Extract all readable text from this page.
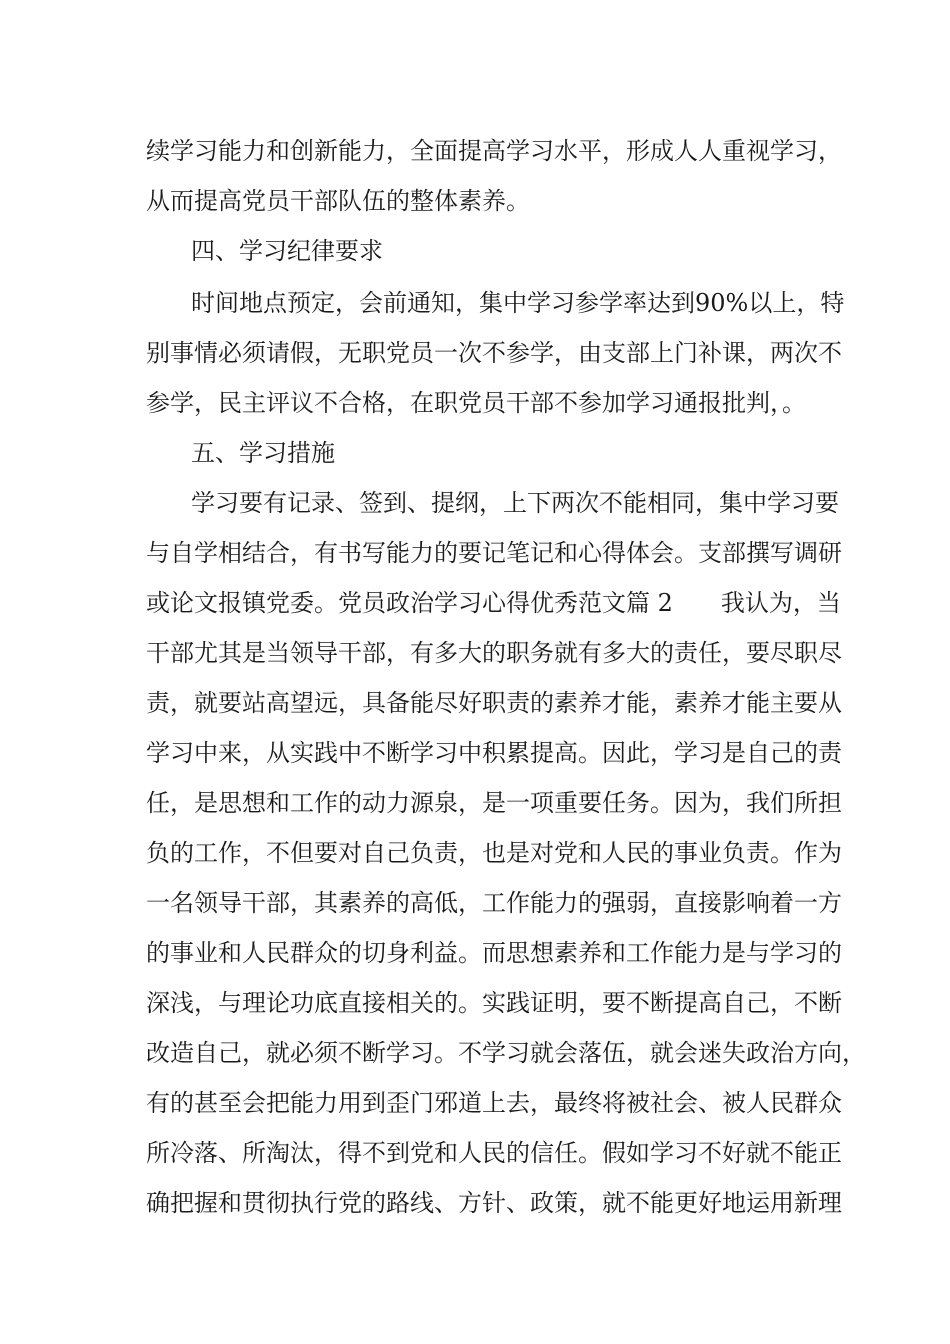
续学习能力和创新能力，全面提高学习水平，形成人人重视学习，
从而提高党员干部队伍的整体素养。
四、学习纪律要求
时间地点预定，会前通知，集中学习参学率达到90%以上，特
别事情必须请假，无职党员一次不参学，由支部上门补课，两次不
参学，民主评议不合格，在职党员干部不参加学习通报批判，。
五、学习措施
学习要有记录、签到、提纲，上下两次不能相同，集中学习要
与自学相结合，有书写能力的要记笔记和心得体会。支部撰写调研
或论文报镇党委。党员政治学习心得优秀范文篇 2　　我认为，当
干部尤其是当领导干部，有多大的职务就有多大的责任，要尽职尽
责，就要站高望远，具备能尽好职责的素养才能，素养才能主要从
学习中来，从实践中不断学习中积累提高。因此，学习是自己的责
任，是思想和工作的动力源泉，是一项重要任务。因为，我们所担
负的工作，不但要对自己负责，也是对党和人民的事业负责。作为
一名领导干部，其素养的高低，工作能力的强弱，直接影响着一方
的事业和人民群众的切身利益。而思想素养和工作能力是与学习的
深浅，与理论功底直接相关的。实践证明，要不断提高自己，不断
改造自己，就必须不断学习。不学习就会落伍，就会迷失政治方向，
有的甚至会把能力用到歪门邪道上去，最终将被社会、被人民群众
所冷落、所淘汰，得不到党和人民的信任。假如学习不好就不能正
确把握和贯彻执行党的路线、方针、政策，就不能更好地运用新理
